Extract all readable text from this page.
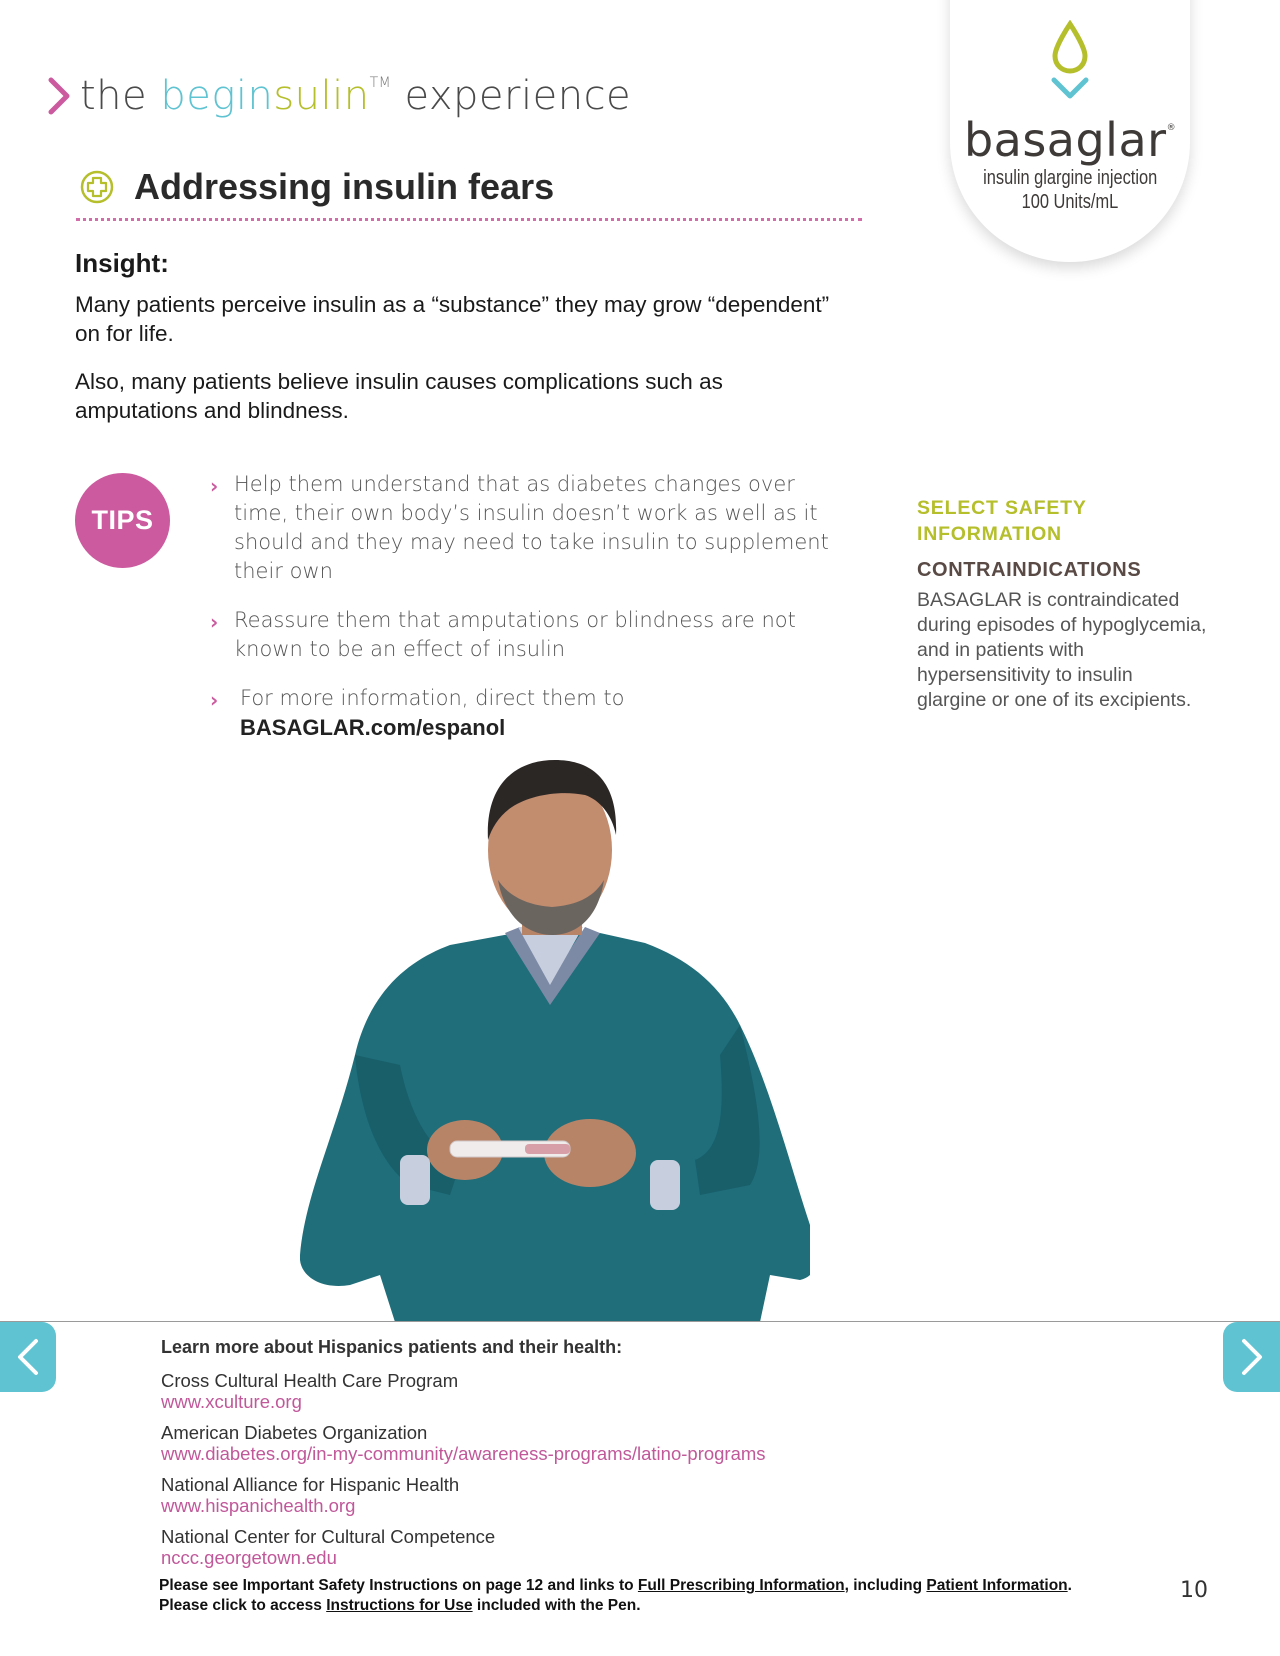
the beginsulin™ experience
basaglar®
insulin glargine injection
100 Units/mL
Addressing insulin fears
Insight:

Many patients perceive insulin as a “substance” they may grow “dependent” on for life.

Also, many patients believe insulin causes complications such as amputations and blindness.

TIPS
› Help them understand that as diabetes changes over time, their own body’s insulin doesn’t work as well as it should and they may need to take insulin to supplement their own
› Reassure them that amputations or blindness are not known to be an effect of insulin
› For more information, direct them to
BASAGLAR.com/espanol
SELECT SAFETY INFORMATION
CONTRAINDICATIONS
BASAGLAR is contraindicated during episodes of hypoglycemia, and in patients with hypersensitivity to insulin glargine or one of its excipients.
Learn more about Hispanics patients and their health:
Cross Cultural Health Care Program
www.xculture.org
American Diabetes Organization
www.diabetes.org/in-my-community/awareness-programs/latino-programs
National Alliance for Hispanic Health
www.hispanichealth.org
National Center for Cultural Competence
nccc.georgetown.edu
Please see Important Safety Instructions on page 12 and links to Full Prescribing Information, including Patient Information.
Please click to access Instructions for Use included with the Pen.
10
